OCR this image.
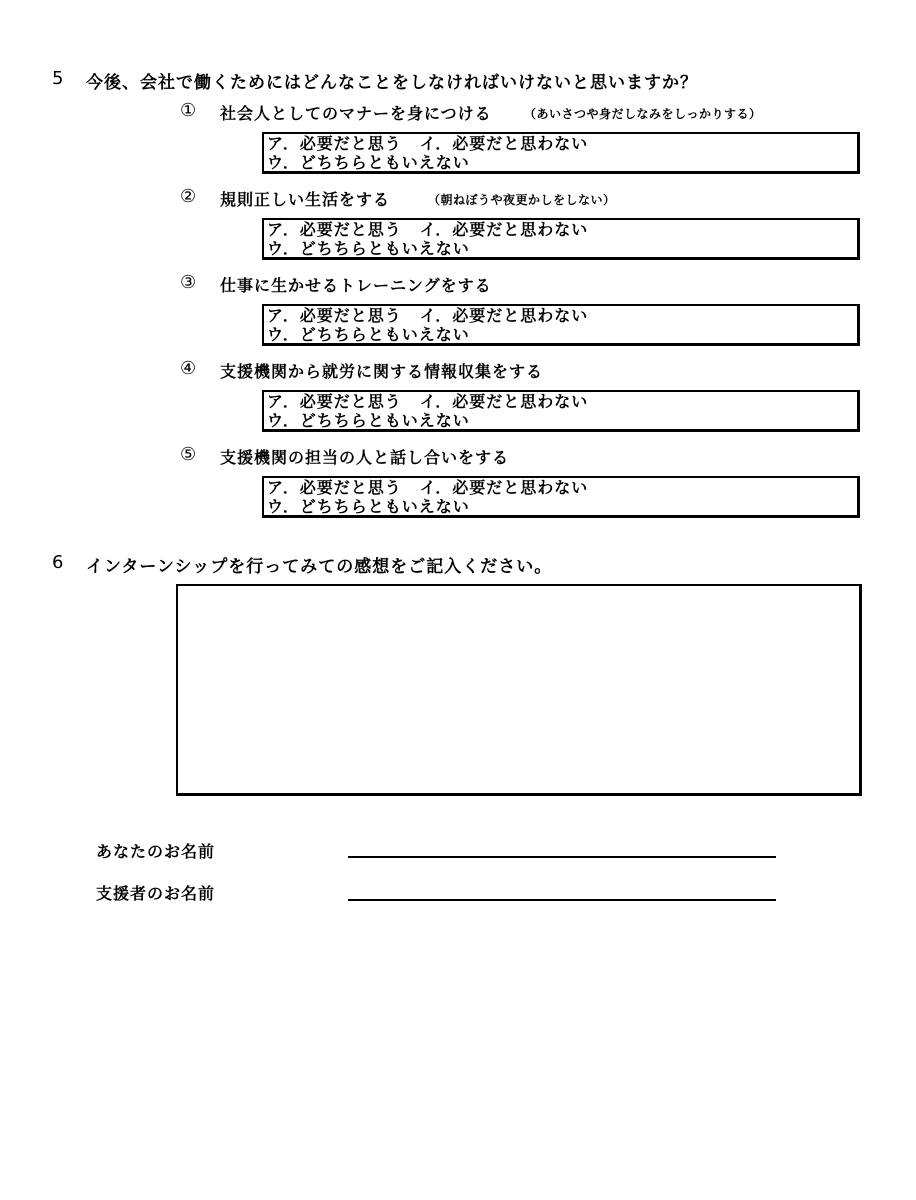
5 今後、会社で働くためにはどんなことをしなければいけないと思いますか？
① 社会人としてのマナーを身につける	（あいさつや身だしなみをしっかりする）
ア．必要だと思う イ．必要だと思わない
ウ．どちちらともいえない
② 規則正しい生活をする	（朝ねぼうや夜更かしをしない）
ア．必要だと思う イ．必要だと思わない
ウ．どちちらともいえない
③ 仕事に生かせるトレーニングをする
ア．必要だと思う イ．必要だと思わない
ウ．どちちらともいえない
④ 支援機関から就労に関する情報収集をする
ア．必要だと思う イ．必要だと思わない
ウ．どちちらともいえない
⑤ 支援機関の担当の人と話し合いをする
ア．必要だと思う イ．必要だと思わない
ウ．どちちらともいえない
6 インターンシップを行ってみての感想をご記入ください。
あなたのお名前
支援者のお名前
